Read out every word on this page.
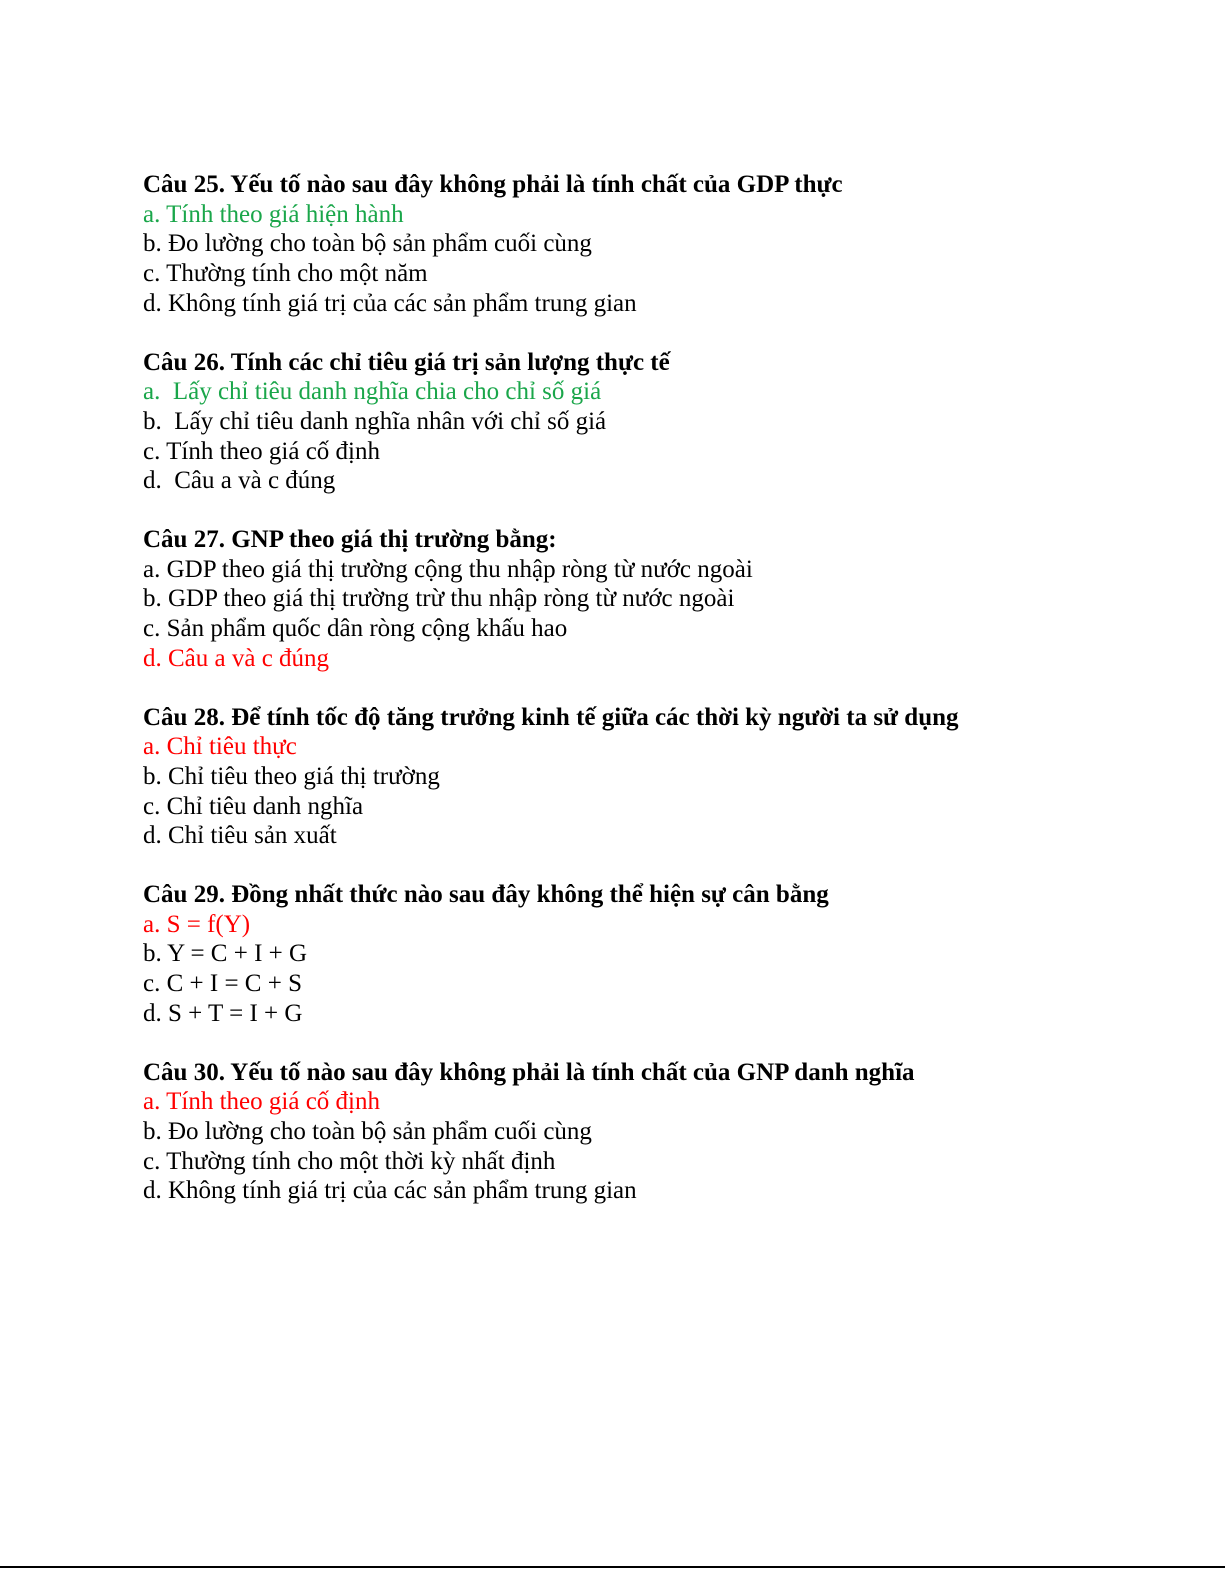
Câu 25. Yếu tố nào sau đây không phải là tính chất của GDP thực

a. Tính theo giá hiện hành

b. Đo lường cho toàn bộ sản phẩm cuối cùng

c. Thường tính cho một năm

d. Không tính giá trị của các sản phẩm trung gian

Câu 26. Tính các chỉ tiêu giá trị sản lượng thực tế

a.  Lấy chỉ tiêu danh nghĩa chia cho chỉ số giá

b.  Lấy chỉ tiêu danh nghĩa nhân với chỉ số giá

c. Tính theo giá cố định

d.  Câu a và c đúng

Câu 27. GNP theo giá thị trường bằng:

a. GDP theo giá thị trường cộng thu nhập ròng từ nước ngoài

b. GDP theo giá thị trường trừ thu nhập ròng từ nước ngoài

c. Sản phẩm quốc dân ròng cộng khấu hao

d. Câu a và c đúng

Câu 28. Để tính tốc độ tăng trưởng kinh tế giữa các thời kỳ người ta sử dụng

a. Chỉ tiêu thực

b. Chỉ tiêu theo giá thị trường

c. Chỉ tiêu danh nghĩa

d. Chỉ tiêu sản xuất

Câu 29. Đồng nhất thức nào sau đây không thể hiện sự cân bằng

a. S = f(Y)

b. Y = C + I + G

c. C + I = C + S

d. S + T = I + G

Câu 30. Yếu tố nào sau đây không phải là tính chất của GNP danh nghĩa

a. Tính theo giá cố định

b. Đo lường cho toàn bộ sản phẩm cuối cùng

c. Thường tính cho một thời kỳ nhất định

d. Không tính giá trị của các sản phẩm trung gian
